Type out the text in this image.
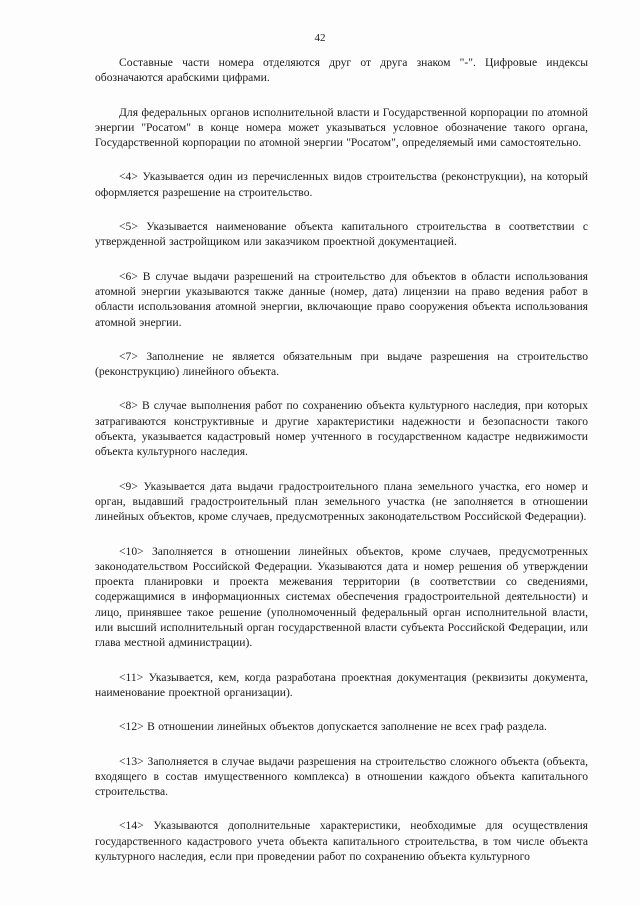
42

Составные части номера отделяются друг от друга знаком "-". Цифровые индексы обозначаются арабскими цифрами.

Для федеральных органов исполнительной власти и Государственной корпорации по атомной энергии "Росатом" в конце номера может указываться условное обозначение такого органа, Государственной корпорации по атомной энергии "Росатом", определяемый ими самостоятельно.

<4> Указывается один из перечисленных видов строительства (реконструкции), на который оформляется разрешение на строительство.

<5> Указывается наименование объекта капитального строительства в соответствии с утвержденной застройщиком или заказчиком проектной документацией.

<6> В случае выдачи разрешений на строительство для объектов в области использования атомной энергии указываются также данные (номер, дата) лицензии на право ведения работ в области использования атомной энергии, включающие право сооружения объекта использования атомной энергии.

<7> Заполнение не является обязательным при выдаче разрешения на строительство (реконструкцию) линейного объекта.

<8> В случае выполнения работ по сохранению объекта культурного наследия, при которых затрагиваются конструктивные и другие характеристики надежности и безопасности такого объекта, указывается кадастровый номер учтенного в государственном кадастре недвижимости объекта культурного наследия.

<9> Указывается дата выдачи градостроительного плана земельного участка, его номер и орган, выдавший градостроительный план земельного участка (не заполняется в отношении линейных объектов, кроме случаев, предусмотренных законодательством Российской Федерации).

<10> Заполняется в отношении линейных объектов, кроме случаев, предусмотренных законодательством Российской Федерации. Указываются дата и номер решения об утверждении проекта планировки и проекта межевания территории (в соответствии со сведениями, содержащимися в информационных системах обеспечения градостроительной деятельности) и лицо, принявшее такое решение (уполномоченный федеральный орган исполнительной власти, или высший исполнительный орган государственной власти субъекта Российской Федерации, или глава местной администрации).

<11> Указывается, кем, когда разработана проектная документация (реквизиты документа, наименование проектной организации).

<12> В отношении линейных объектов допускается заполнение не всех граф раздела.

<13> Заполняется в случае выдачи разрешения на строительство сложного объекта (объекта, входящего в состав имущественного комплекса) в отношении каждого объекта капитального строительства.

<14> Указываются дополнительные характеристики, необходимые для осуществления государственного кадастрового учета объекта капитального строительства, в том числе объекта культурного наследия, если при проведении работ по сохранению объекта культурного
